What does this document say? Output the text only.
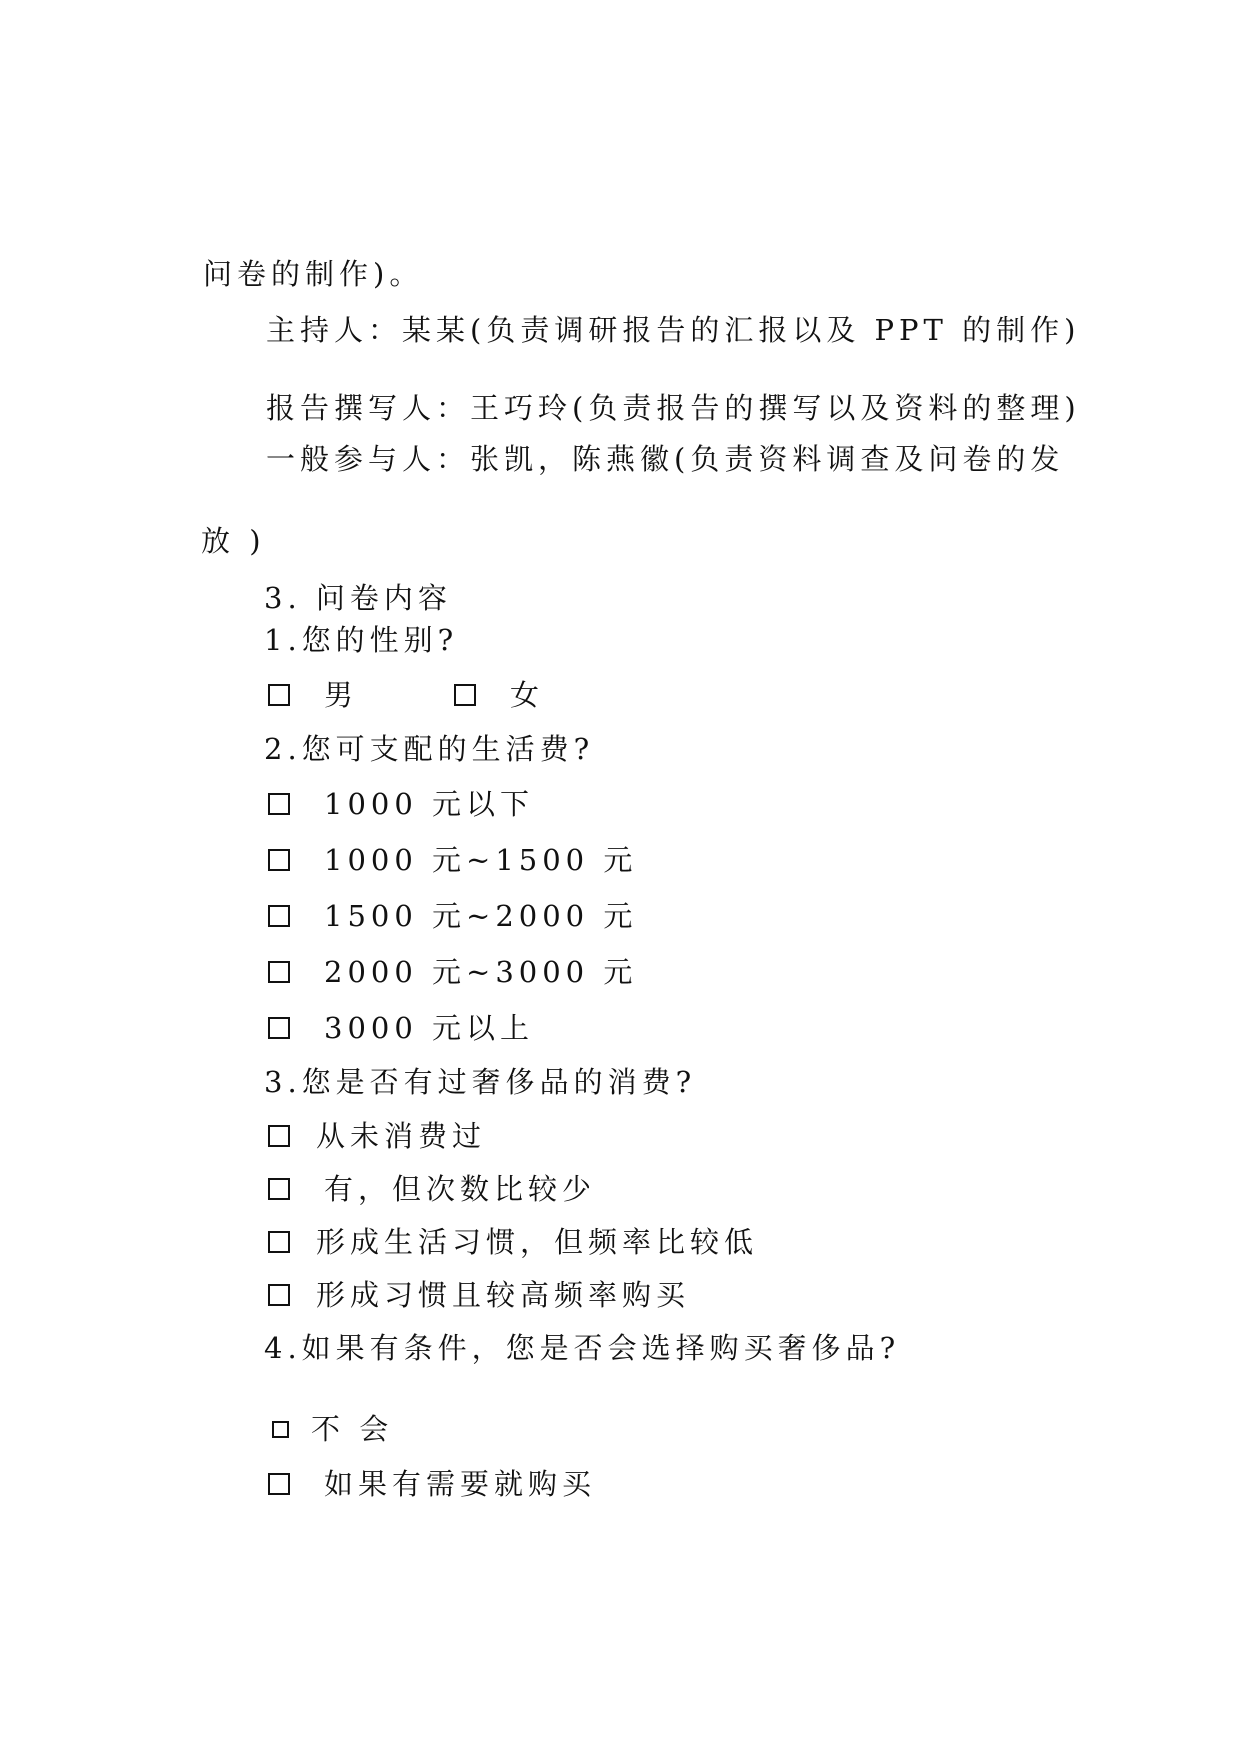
问卷的制作)。
主持人：某某(负责调研报告的汇报以及 PPT 的制作)
报告撰写人：王巧玲(负责报告的撰写以及资料的整理)
一般参与人：张凯，陈燕徽(负责资料调查及问卷的发
放 )
3. 问卷内容
1.您的性别?
男	女
2.您可支配的生活费?
1000 元以下
1000 元~1500 元
1500 元~2000 元
2000 元~3000 元
3000 元以上
3.您是否有过奢侈品的消费?
从未消费过
有，但次数比较少
形成生活习惯，但频率比较低
形成习惯且较高频率购买
4.如果有条件，您是否会选择购买奢侈品?
不 会
如果有需要就购买
